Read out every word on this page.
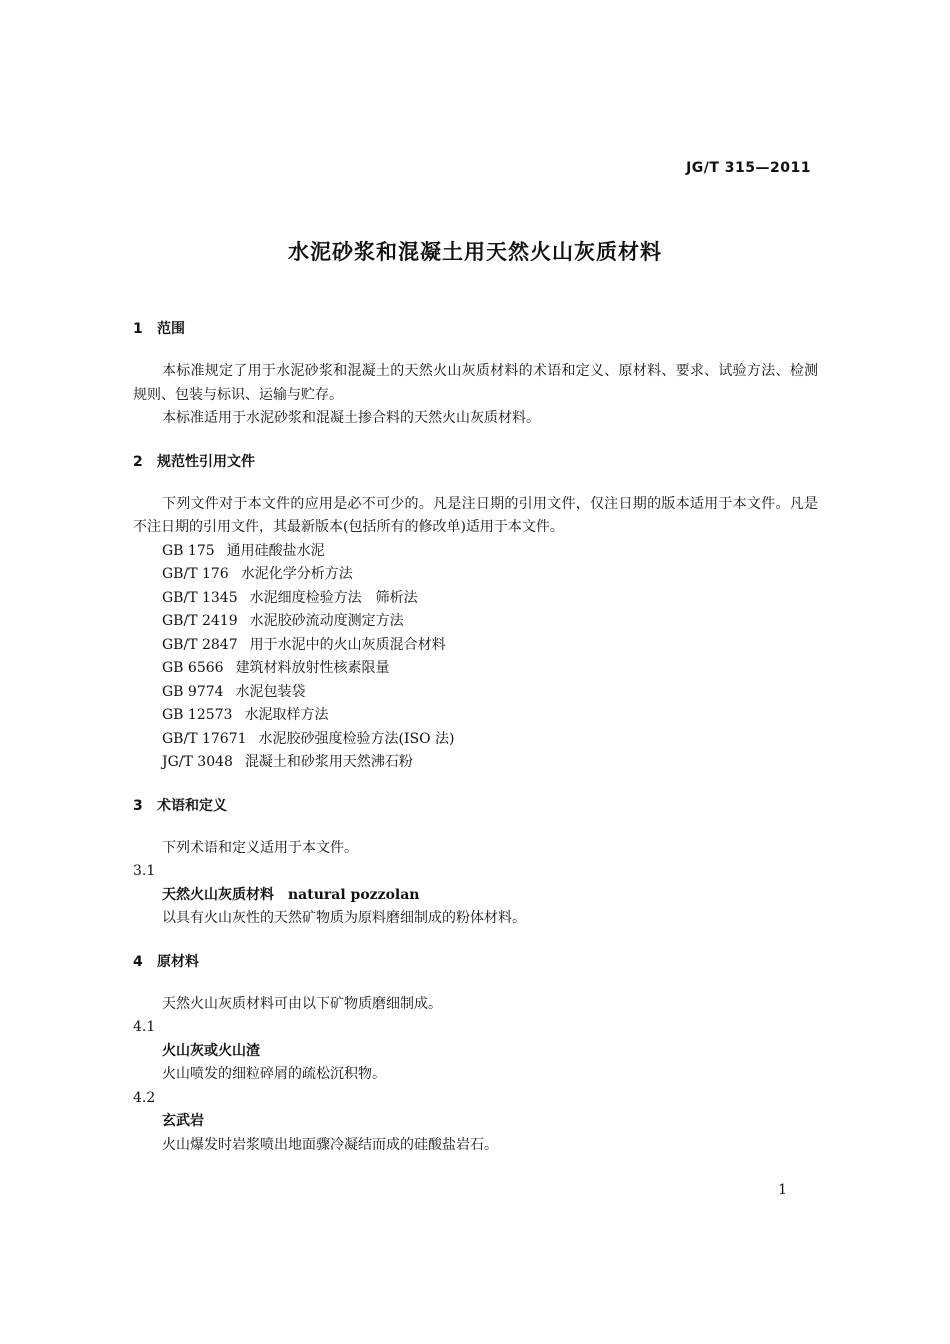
JG/T 315—2011
水泥砂浆和混凝土用天然火山灰质材料

1 范围

本标准规定了用于水泥砂浆和混凝土的天然火山灰质材料的术语和定义、原材料、要求、试验方法、检测规则、包装与标识、运输与贮存。

本标准适用于水泥砂浆和混凝土掺合料的天然火山灰质材料。

2 规范性引用文件

下列文件对于本文件的应用是必不可少的。凡是注日期的引用文件，仅注日期的版本适用于本文件。凡是不注日期的引用文件，其最新版本(包括所有的修改单)适用于本文件。

GB 175 通用硅酸盐水泥
GB/T 176 水泥化学分析方法
GB/T 1345 水泥细度检验方法　筛析法
GB/T 2419 水泥胶砂流动度测定方法
GB/T 2847 用于水泥中的火山灰质混合材料
GB 6566 建筑材料放射性核素限量
GB 9774 水泥包装袋
GB 12573 水泥取样方法
GB/T 17671 水泥胶砂强度检验方法(ISO 法)
JG/T 3048 混凝土和砂浆用天然沸石粉

3 术语和定义

下列术语和定义适用于本文件。

3.1

天然火山灰质材料 natural pozzolan

以具有火山灰性的天然矿物质为原料磨细制成的粉体材料。

4 原材料

天然火山灰质材料可由以下矿物质磨细制成。

4.1

火山灰或火山渣

火山喷发的细粒碎屑的疏松沉积物。

4.2

玄武岩

火山爆发时岩浆喷出地面骤冷凝结而成的硅酸盐岩石。

1
